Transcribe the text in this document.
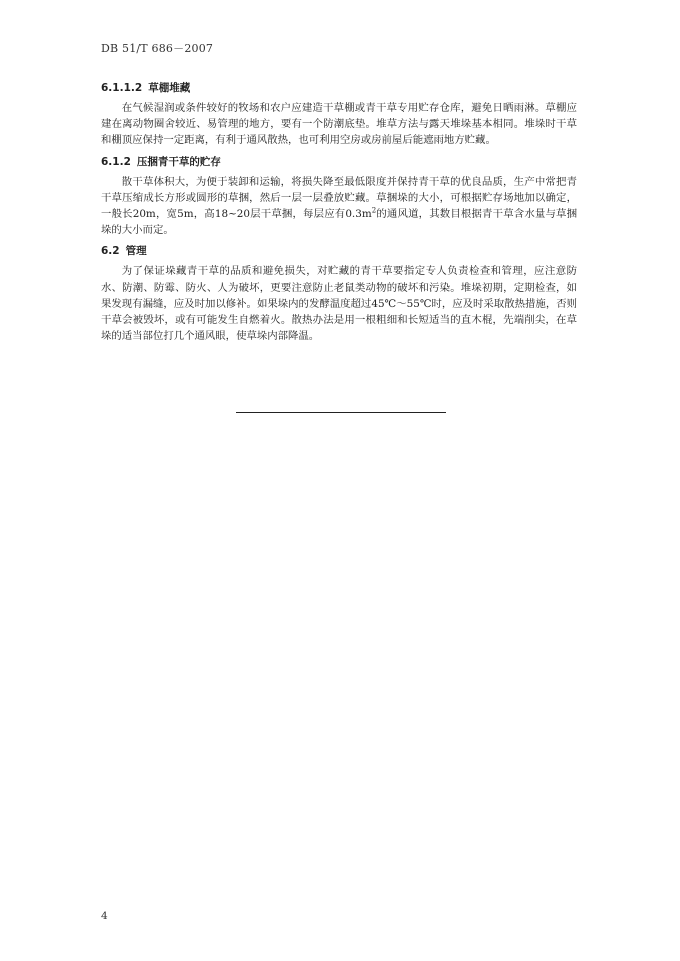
DB 51/T 686－2007
6.1.1.2 草棚堆藏

在气候湿润或条件较好的牧场和农户应建造干草棚或青干草专用贮存仓库，避免日晒雨淋。草棚应建在离动物圈舍较近、易管理的地方，要有一个防潮底垫。堆草方法与露天堆垛基本相同。堆垛时干草和棚顶应保持一定距离，有利于通风散热，也可利用空房或房前屋后能遮雨地方贮藏。

6.1.2 压捆青干草的贮存

散干草体积大，为便于装卸和运输，将损失降至最低限度并保持青干草的优良品质，生产中常把青干草压缩成长方形或圆形的草捆，然后一层一层叠放贮藏。草捆垛的大小，可根据贮存场地加以确定，一般长20m，宽5m，高18~20层干草捆，每层应有$0.3m^2$的通风道，其数目根据青干草含水量与草捆垛的大小而定。

6.2 管理

为了保证垛藏青干草的品质和避免损失，对贮藏的青干草要指定专人负责检查和管理，应注意防水、防潮、防霉、防火、人为破坏，更要注意防止老鼠类动物的破坏和污染。堆垛初期，定期检查，如果发现有漏缝，应及时加以修补。如果垛内的发酵温度超过45℃～55℃时，应及时采取散热措施，否则干草会被毁坏，或有可能发生自燃着火。散热办法是用一根粗细和长短适当的直木棍，先端削尖，在草垛的适当部位打几个通风眼，使草垛内部降温。

4
